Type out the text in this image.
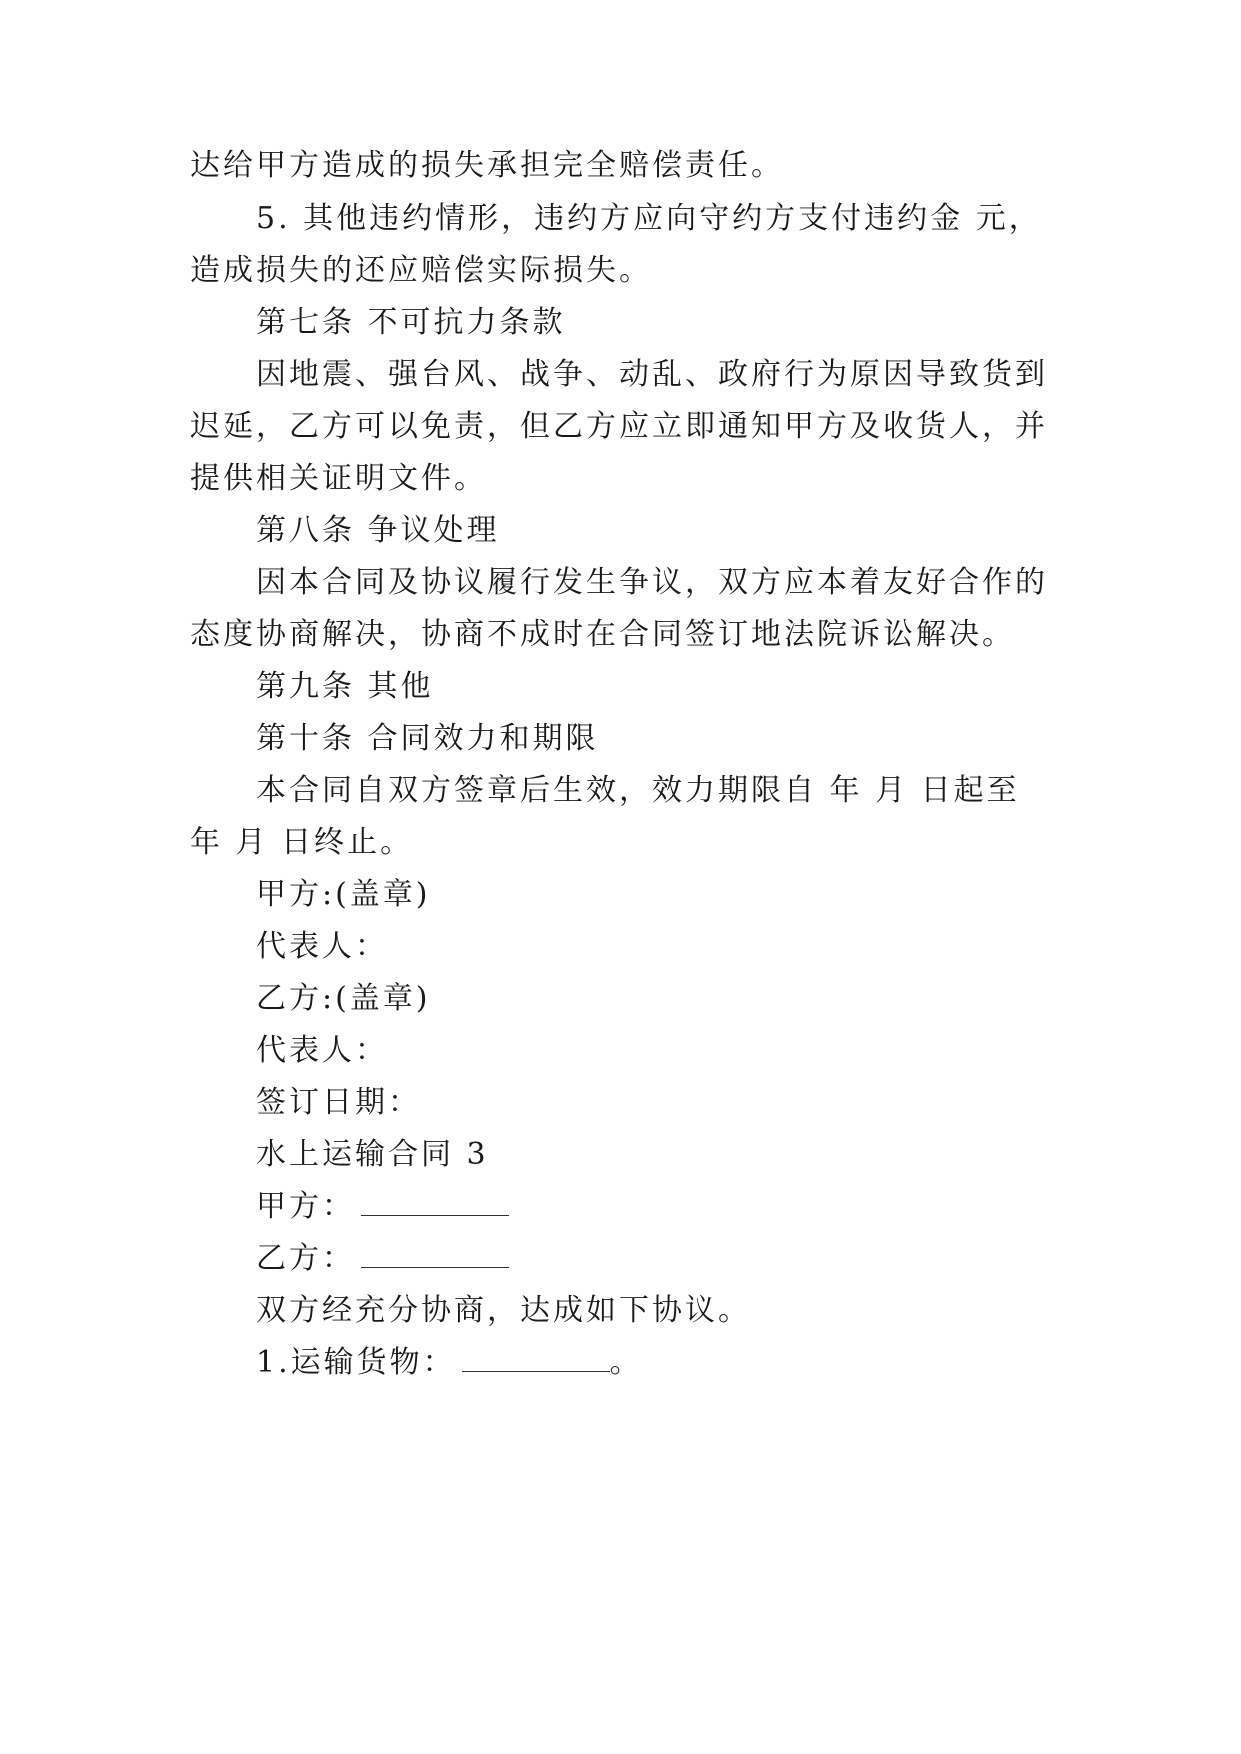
达给甲方造成的损失承担完全赔偿责任。
5. 其他违约情形，违约方应向守约方支付违约金 元，
造成损失的还应赔偿实际损失。
第七条 不可抗力条款
因地震、强台风、战争、动乱、政府行为原因导致货到
迟延，乙方可以免责，但乙方应立即通知甲方及收货人，并
提供相关证明文件。
第八条 争议处理
因本合同及协议履行发生争议，双方应本着友好合作的
态度协商解决，协商不成时在合同签订地法院诉讼解决。
第九条 其他
第十条 合同效力和期限
本合同自双方签章后生效，效力期限自 年 月 日起至
年 月 日终止。
甲方:(盖章)
代表人：
乙方:(盖章)
代表人：
签订日期：
水上运输合同 3
甲方：
乙方：
双方经充分协商，达成如下协议。
1.运输货物：	。
